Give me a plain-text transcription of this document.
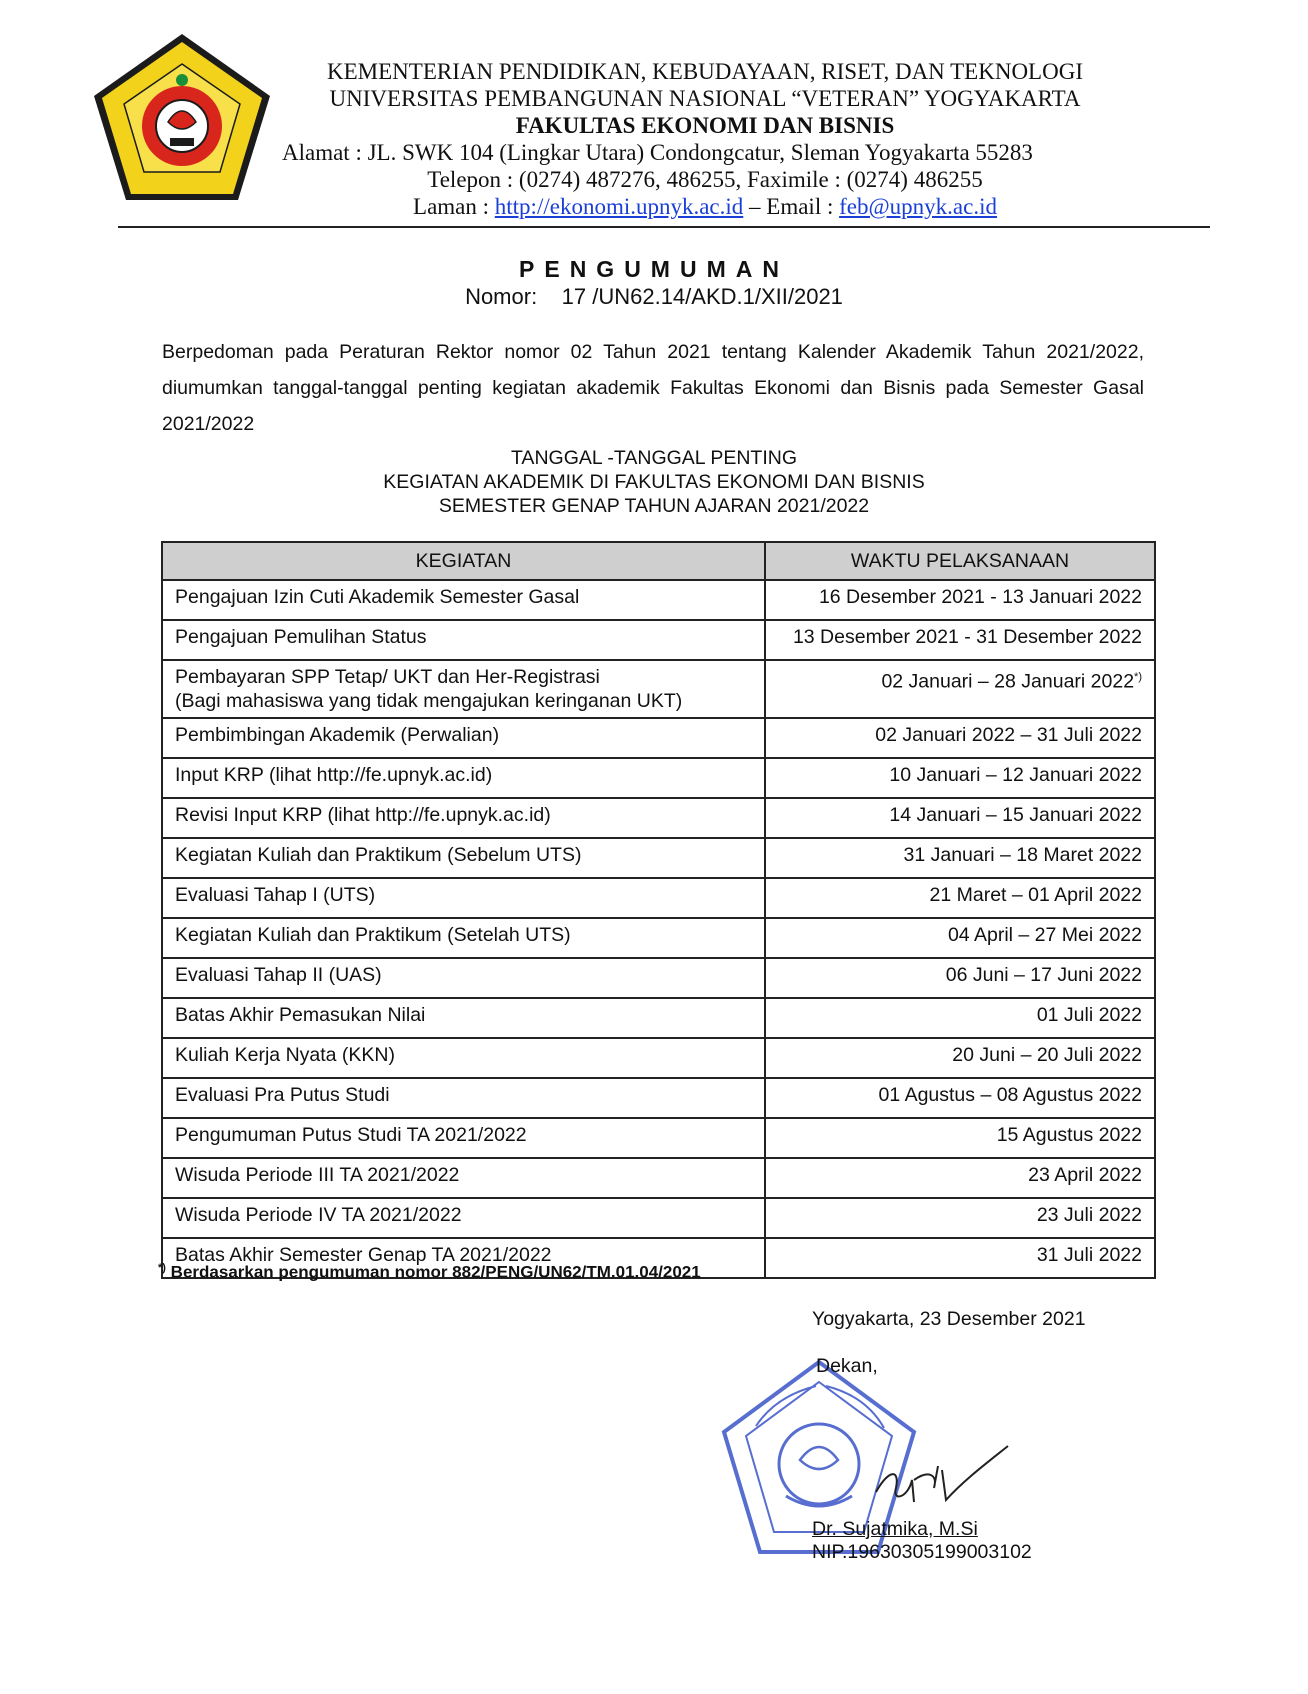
KEMENTERIAN PENDIDIKAN, KEBUDAYAAN, RISET, DAN TEKNOLOGI
UNIVERSITAS PEMBANGUNAN NASIONAL “VETERAN” YOGYAKARTA
FAKULTAS EKONOMI DAN BISNIS
Alamat : JL. SWK 104 (Lingkar Utara) Condongcatur, Sleman Yogyakarta 55283
Telepon : (0274) 487276, 486255, Faximile : (0274) 486255
Laman : http://ekonomi.upnyk.ac.id – Email : feb@upnyk.ac.id
PENGUMUMAN
Nomor:    17 /UN62.14/AKD.1/XII/2021
Berpedoman pada Peraturan Rektor nomor 02 Tahun 2021 tentang Kalender Akademik Tahun 2021/2022, diumumkan tanggal-tanggal penting kegiatan akademik Fakultas Ekonomi dan Bisnis pada Semester Gasal 2021/2022
TANGGAL -TANGGAL PENTING
KEGIATAN AKADEMIK DI FAKULTAS EKONOMI DAN BISNIS
SEMESTER GENAP TAHUN AJARAN 2021/2022
KEGIATAN	WAKTU PELAKSANAAN
Pengajuan Izin Cuti Akademik Semester Gasal	16 Desember 2021 - 13 Januari 2022
Pengajuan Pemulihan Status	13 Desember 2021 - 31 Desember 2022

Pembayaran SPP Tetap/ UKT dan Her-Registrasi
(Bagi mahasiswa yang tidak mengajukan keringanan UKT)	02 Januari – 28 Januari 2022*)
Pembimbingan Akademik (Perwalian)	02 Januari 2022 – 31 Juli 2022
Input KRP (lihat http://fe.upnyk.ac.id)	10 Januari – 12 Januari 2022
Revisi Input KRP (lihat http://fe.upnyk.ac.id)	14 Januari – 15 Januari 2022
Kegiatan Kuliah dan Praktikum (Sebelum UTS)	31 Januari – 18 Maret 2022
Evaluasi Tahap I (UTS)	21 Maret – 01 April 2022
Kegiatan Kuliah dan Praktikum (Setelah UTS)	04 April – 27 Mei 2022
Evaluasi Tahap II (UAS)	06 Juni – 17 Juni 2022
Batas Akhir Pemasukan Nilai	01 Juli 2022
Kuliah Kerja Nyata (KKN)	20 Juni – 20 Juli 2022
Evaluasi Pra Putus Studi	01 Agustus – 08 Agustus 2022
Pengumuman Putus Studi TA 2021/2022	15 Agustus 2022
Wisuda Periode III TA 2021/2022	23 April 2022
Wisuda Periode IV TA 2021/2022	23 Juli 2022
Batas Akhir Semester Genap TA 2021/2022	31 Juli 2022
*) Berdasarkan pengumuman nomor 882/PENG/UN62/TM.01.04/2021
Yogyakarta, 23 Desember 2021
Dekan,
Dr. Sujatmika, M.Si
NIP.19630305199003102
